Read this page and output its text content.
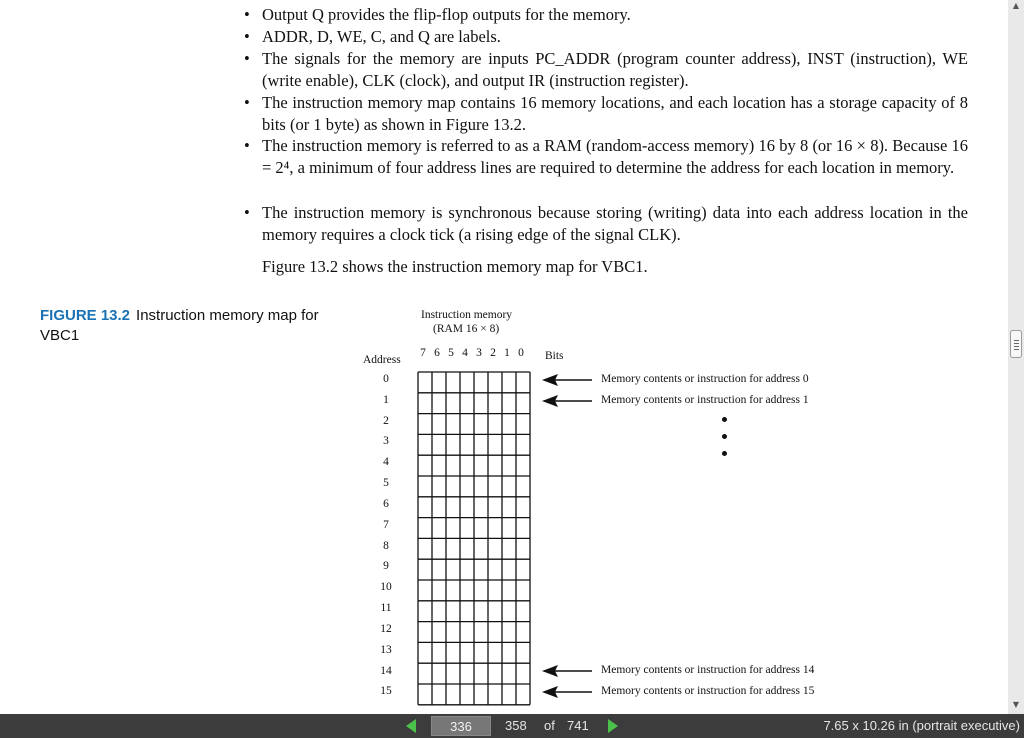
• Output Q provides the flip-flop outputs for the memory.
• ADDR, D, WE, C, and Q are labels.
• The signals for the memory are inputs PC_ADDR (program counter address), INST (instruction), WE (write enable), CLK (clock), and output IR (instruction register).
• The instruction memory map contains 16 memory locations, and each location has a storage capacity of 8 bits (or 1 byte) as shown in Figure 13.2.
• The instruction memory is referred to as a RAM (random-access memory) 16 by 8 (or 16 × 8). Because 16 = 2⁴, a minimum of four address lines are required to determine the address for each location in memory.
• The instruction memory is synchronous because storing (writing) data into each address location in the memory requires a clock tick (a rising edge of the signal CLK).
Figure 13.2 shows the instruction memory map for VBC1.
FIGURE 13.2 Instruction memory map for VBC1
Instruction memory
(RAM 16 × 8)
Address	Bits
7 6 5 4 3 2 1 0
0
1
2
3
4
5
6
7
8
9
10
11
12
13
14
15
Memory contents or instruction for address 0
Memory contents or instruction for address 1
Memory contents or instruction for address 14
Memory contents or instruction for address 15
▲
▼
336
358 of 741	7.65 x 10.26 in (portrait executive)
